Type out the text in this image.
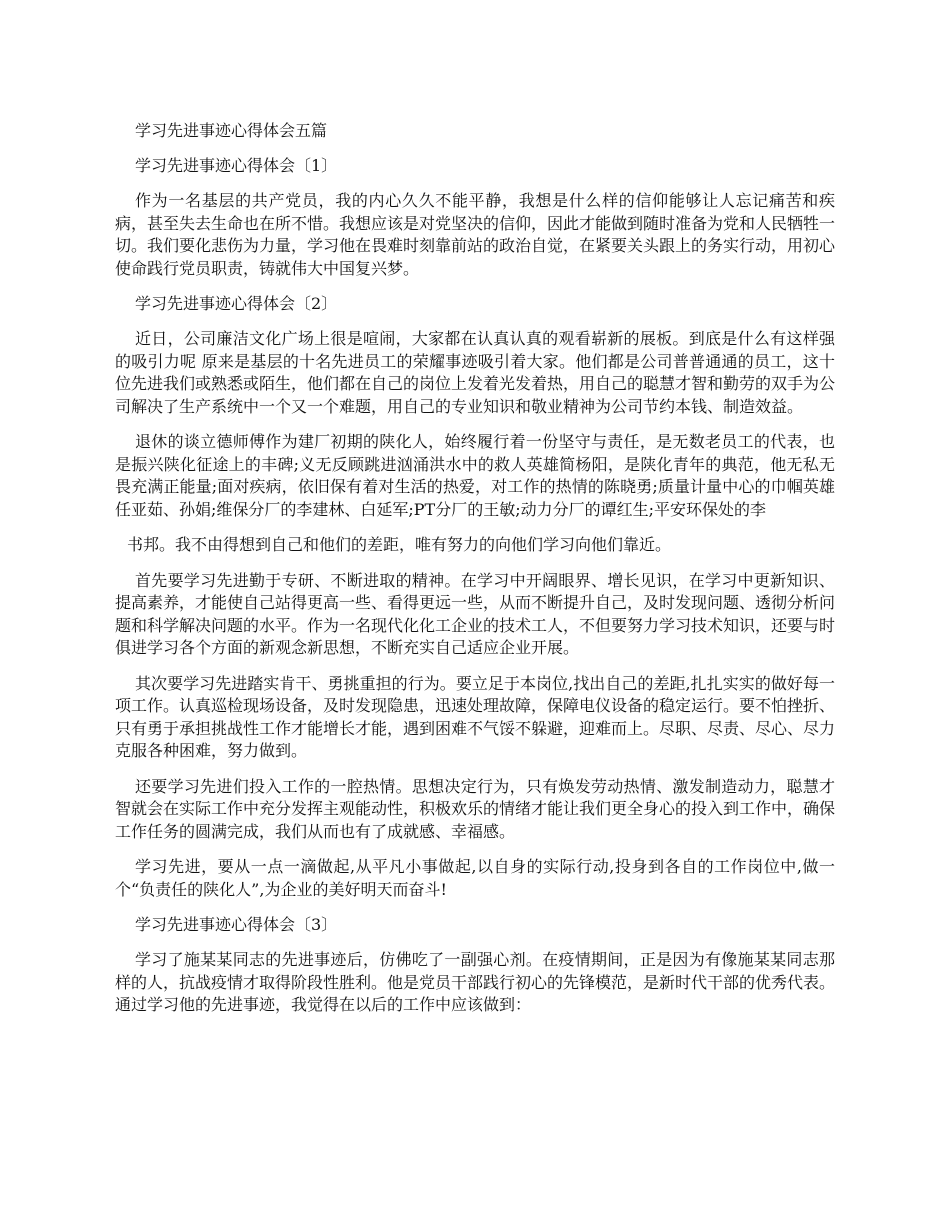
学习先进事迹心得体会五篇
学习先进事迹心得体会〔1〕
作为一名基层的共产党员，我的内心久久不能平静，我想是什么样的信仰能够让人忘记痛苦和疾病，甚至失去生命也在所不惜。我想应该是对党坚决的信仰，因此才能做到随时准备为党和人民牺牲一切。我们要化悲伤为力量，学习他在畏难时刻靠前站的政治自觉，在紧要关头跟上的务实行动，用初心使命践行党员职责，铸就伟大中国复兴梦。
学习先进事迹心得体会〔2〕
近日，公司廉洁文化广场上很是喧闹，大家都在认真认真的观看崭新的展板。到底是什么有这样强的吸引力呢 原来是基层的十名先进员工的荣耀事迹吸引着大家。他们都是公司普普通通的员工，这十位先进我们或熟悉或陌生，他们都在自己的岗位上发着光发着热，用自己的聪慧才智和勤劳的双手为公司解决了生产系统中一个又一个难题，用自己的专业知识和敬业精神为公司节约本钱、制造效益。
退休的谈立德师傅作为建厂初期的陕化人，始终履行着一份坚守与责任，是无数老员工的代表，也是振兴陕化征途上的丰碑;义无反顾跳进汹涌洪水中的救人英雄简杨阳，是陕化青年的典范，他无私无畏充满正能量;面对疾病，依旧保有着对生活的热爱，对工作的热情的陈晓勇;质量计量中心的巾帼英雄任亚茹、孙娟;维保分厂的李建林、白延军;PT分厂的王敏;动力分厂的谭红生;平安环保处的李
书邦。我不由得想到自己和他们的差距，唯有努力的向他们学习向他们靠近。
首先要学习先进勤于专研、不断进取的精神。在学习中开阔眼界、增长见识，在学习中更新知识、提高素养，才能使自己站得更高一些、看得更远一些，从而不断提升自己，及时发现问题、透彻分析问题和科学解决问题的水平。作为一名现代化化工企业的技术工人，不但要努力学习技术知识，还要与时俱进学习各个方面的新观念新思想，不断充实自己适应企业开展。
其次要学习先进踏实肯干、勇挑重担的行为。要立足于本岗位,找出自己的差距,扎扎实实的做好每一项工作。认真巡检现场设备，及时发现隐患，迅速处理故障，保障电仪设备的稳定运行。要不怕挫折、只有勇于承担挑战性工作才能增长才能，遇到困难不气馁不躲避，迎难而上。尽职、尽责、尽心、尽力克服各种困难，努力做到。
还要学习先进们投入工作的一腔热情。思想决定行为，只有焕发劳动热情、激发制造动力，聪慧才智就会在实际工作中充分发挥主观能动性，积极欢乐的情绪才能让我们更全身心的投入到工作中，确保工作任务的圆满完成，我们从而也有了成就感、幸福感。
学习先进，要从一点一滴做起,从平凡小事做起,以自身的实际行动,投身到各自的工作岗位中,做一个“负责任的陕化人”,为企业的美好明天而奋斗!
学习先进事迹心得体会〔3〕
学习了施某某同志的先进事迹后，仿佛吃了一副强心剂。在疫情期间，正是因为有像施某某同志那样的人，抗战疫情才取得阶段性胜利。他是党员干部践行初心的先锋模范，是新时代干部的优秀代表。通过学习他的先进事迹，我觉得在以后的工作中应该做到：
